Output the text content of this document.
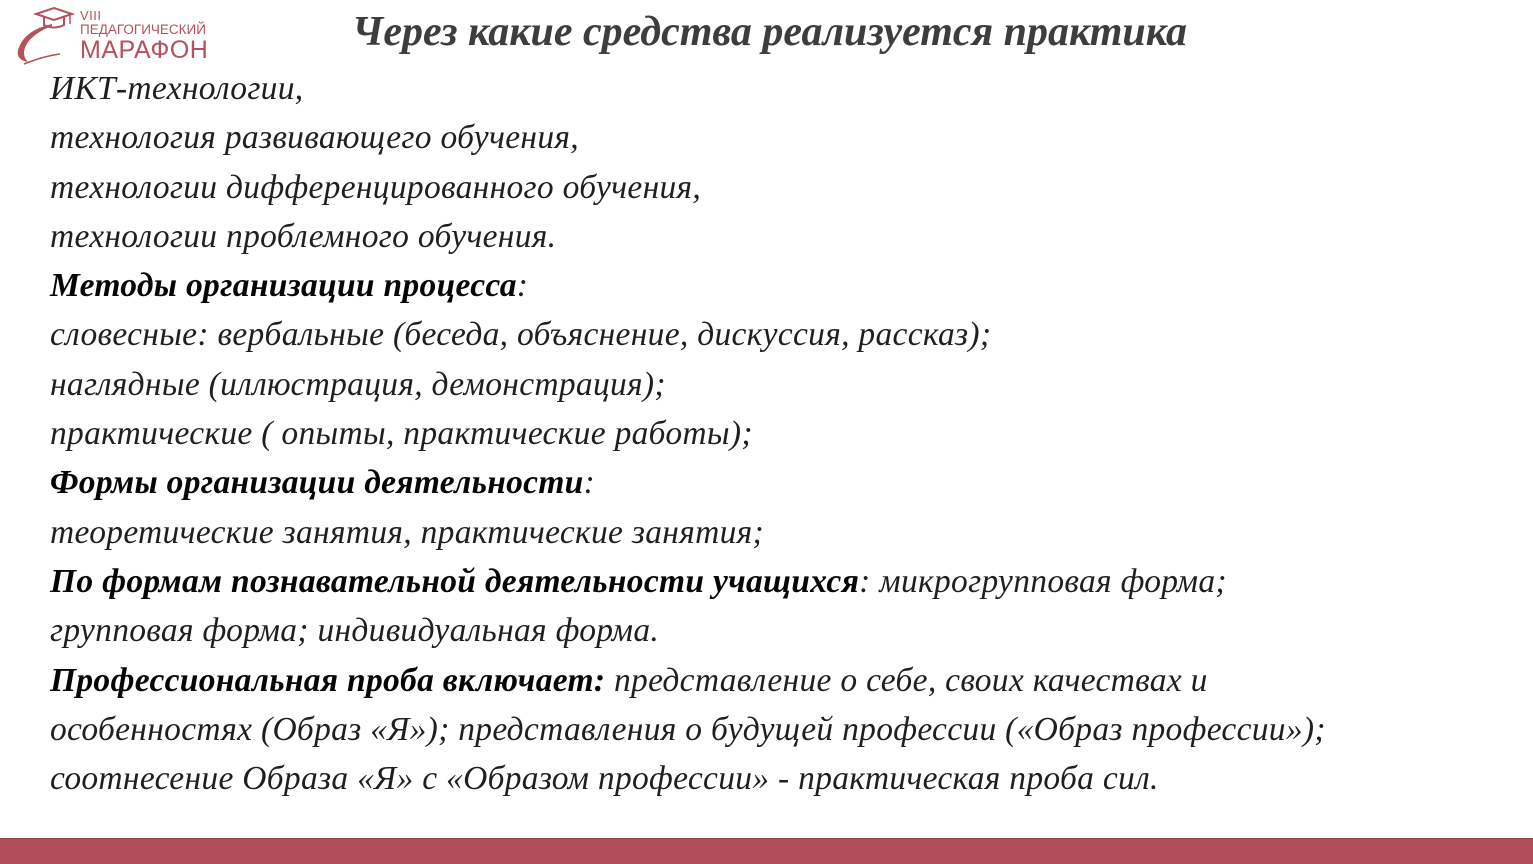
VIII
ПЕДАГОГИЧЕСКИЙ
МАРАФОН	Через какие средства реализуется практика
ИКТ-технологии,
технология развивающего обучения,
технологии дифференцированного обучения,
технологии проблемного обучения.
Методы организации процесса:
словесные: вербальные (беседа, объяснение, дискуссия, рассказ);
наглядные (иллюстрация, демонстрация);
практические ( опыты, практические работы);
Формы организации деятельности:
теоретические занятия, практические занятия;
По формам познавательной деятельности учащихся: микрогрупповая форма;
групповая форма; индивидуальная форма.
Профессиональная проба включает: представление о себе, своих качествах и
особенностях (Образ «Я»); представления о будущей профессии («Образ профессии»);
соотнесение Образа «Я» с «Образом профессии» - практическая проба сил.
